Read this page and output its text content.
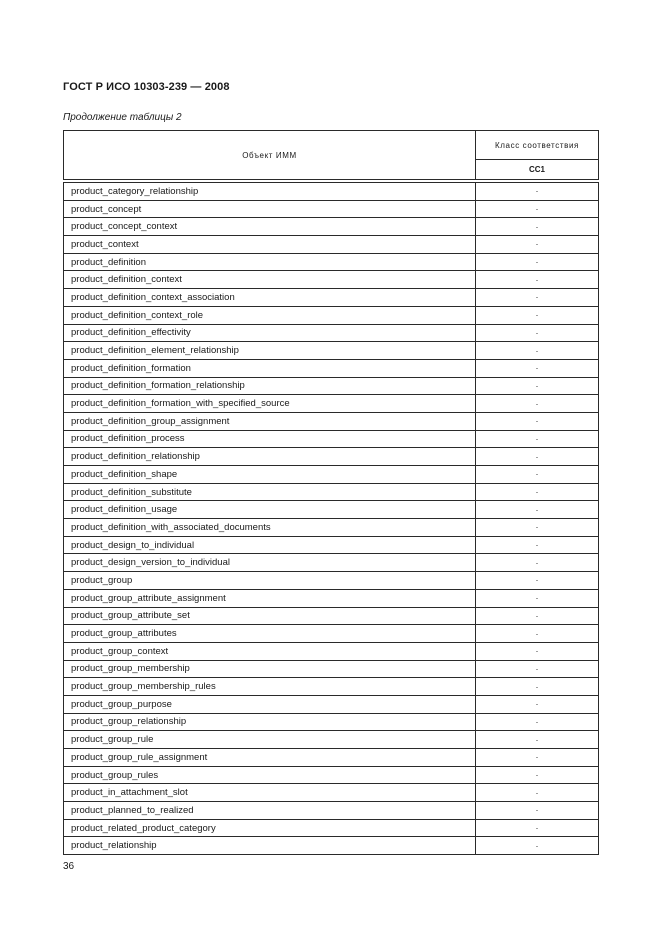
ГОСТ Р ИСО 10303-239 — 2008
Продолжение таблицы 2
Объект ИММ	Класс соответствия
	CC1

product_category_relationship	·
product_concept	·
product_concept_context	·
product_context	·
product_definition	·
product_definition_context	·
product_definition_context_association	·
product_definition_context_role	·
product_definition_effectivity	·
product_definition_element_relationship	·
product_definition_formation	·
product_definition_formation_relationship	·
product_definition_formation_with_specified_source	·
product_definition_group_assignment	·
product_definition_process	·
product_definition_relationship	·
product_definition_shape	·
product_definition_substitute	·
product_definition_usage	·
product_definition_with_associated_documents	·
product_design_to_individual	·
product_design_version_to_individual	·
product_group	·
product_group_attribute_assignment	·
product_group_attribute_set	·
product_group_attributes	·
product_group_context	·
product_group_membership	·
product_group_membership_rules	·
product_group_purpose	·
product_group_relationship	·
product_group_rule	·
product_group_rule_assignment	·
product_group_rules	·
product_in_attachment_slot	·
product_planned_to_realized	·
product_related_product_category	·
product_relationship	·
36
